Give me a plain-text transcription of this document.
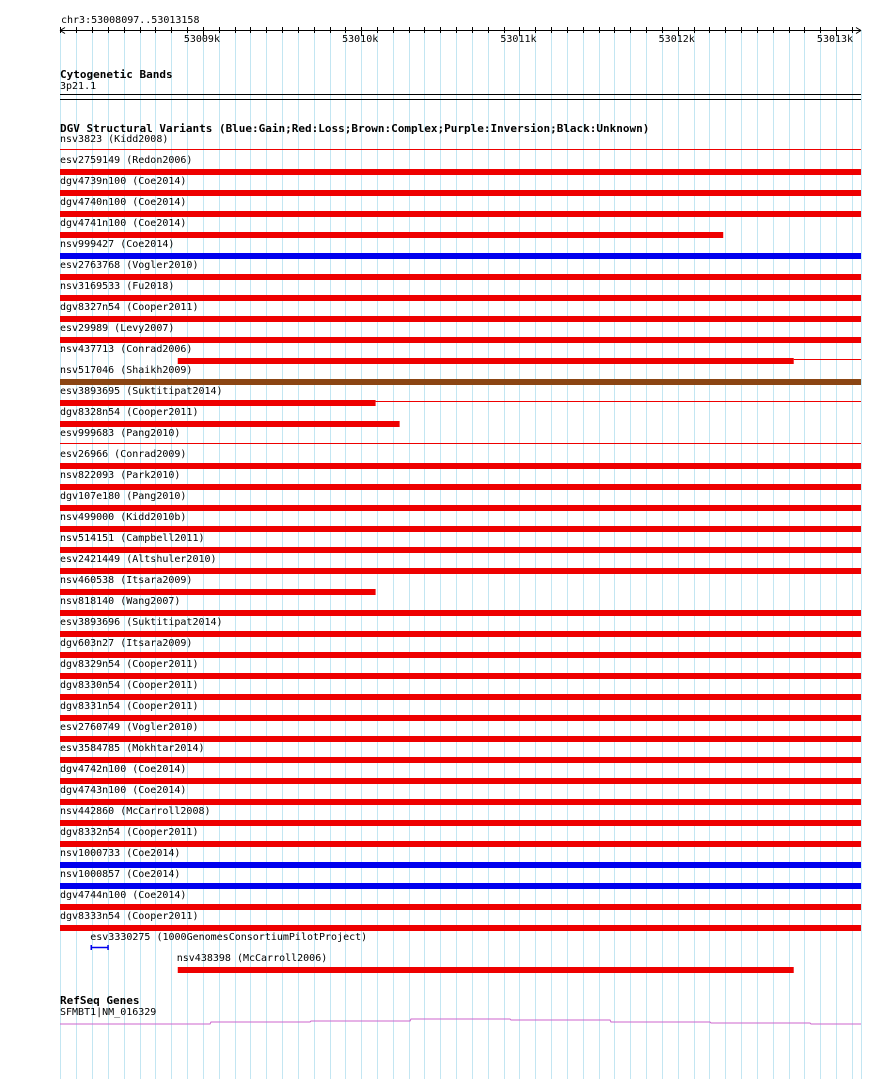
chr3:53008097..53013158
Cytogenetic Bands
3p21.1
DGV Structural Variants (Blue:Gain;Red:Loss;Brown:Complex;Purple:Inversion;Black:Unknown)
RefSeq Genes
SFMBT1|NM_016329
53009k	53010k	53011k	53012k	53013k
nsv3823 (Kidd2008)
esv2759149 (Redon2006)
dgv4739n100 (Coe2014)
dgv4740n100 (Coe2014)
dgv4741n100 (Coe2014)
nsv999427 (Coe2014)
esv2763768 (Vogler2010)
nsv3169533 (Fu2018)
dgv8327n54 (Cooper2011)
esv29989 (Levy2007)
nsv437713 (Conrad2006)
nsv517046 (Shaikh2009)
esv3893695 (Suktitipat2014)
dgv8328n54 (Cooper2011)
esv999683 (Pang2010)
esv26966 (Conrad2009)
nsv822093 (Park2010)
dgv107e180 (Pang2010)
nsv499000 (Kidd2010b)
nsv514151 (Campbell2011)
esv2421449 (Altshuler2010)
nsv460538 (Itsara2009)
nsv818140 (Wang2007)
esv3893696 (Suktitipat2014)
dgv603n27 (Itsara2009)
dgv8329n54 (Cooper2011)
dgv8330n54 (Cooper2011)
dgv8331n54 (Cooper2011)
esv2760749 (Vogler2010)
esv3584785 (Mokhtar2014)
dgv4742n100 (Coe2014)
dgv4743n100 (Coe2014)
nsv442860 (McCarroll2008)
dgv8332n54 (Cooper2011)
nsv1000733 (Coe2014)
nsv1000857 (Coe2014)
dgv4744n100 (Coe2014)
dgv8333n54 (Cooper2011)
esv3330275 (1000GenomesConsortiumPilotProject)
nsv438398 (McCarroll2006)
